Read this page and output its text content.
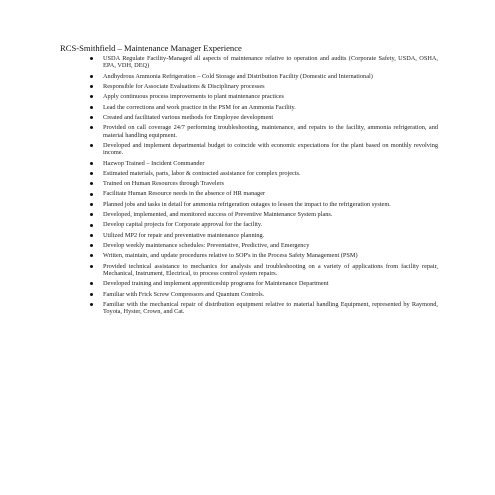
RCS-Smithfield – Maintenance Manager Experience
USDA Regulate Facility-Managed all aspects of maintenance relative to operation and audits (Corporate Safety, USDA, OSHA, EPA, VDH, DEQ)
Andhydrous Ammonia Refrigeration – Cold Storage and Distribution Facility (Domestic and International)
Responsible for Associate Evaluations & Disciplinary processes
Apply continuous process improvements to plant maintenance practices
Lead the corrections and work practice in the PSM for an Ammonia Facility.
Created and facilitated various methods for Employee development
Provided on call coverage 24/7 performing troubleshooting, maintenance, and repairs to the facility, ammonia refrigeration, and material handling equipment.
Developed and implement departmental budget to coincide with economic expectations for the plant based on monthly revolving income.
Hazwop Trained – Incident Commander
Estimated materials, parts, labor & contracted assistance for complex projects.
Trained on Human Resources through Travelers
Facilitate Human Resource needs in the absence of HR manager
Planned jobs and tasks in detail for ammonia refrigeration outages to lessen the impact to the refrigeration system.
Developed, implemented, and monitored success of Preventive Maintenance System plans.
Develop capital projects for Corporate approval for the facility.
Utilized MP2 for repair and preventative maintenance planning.
Develop weekly maintenance schedules: Preventative, Predictive, and Emergency
Written, maintain, and update procedures relative to SOP's in the Process Safety Management (PSM)
Provided technical assistance to mechanics for analysis and troubleshooting on a variety of applications from facility repair, Mechanical, Instrument, Electrical, to process control system repairs.
Developed training and implement apprenticeship programs for Maintenance Department
Familiar with Frick Screw Compressors and Quantum Controls.
Familiar with the mechanical repair of distribution equipment relative to material handling Equipment, represented by Raymond, Toyota, Hyster, Crown, and Cat.
